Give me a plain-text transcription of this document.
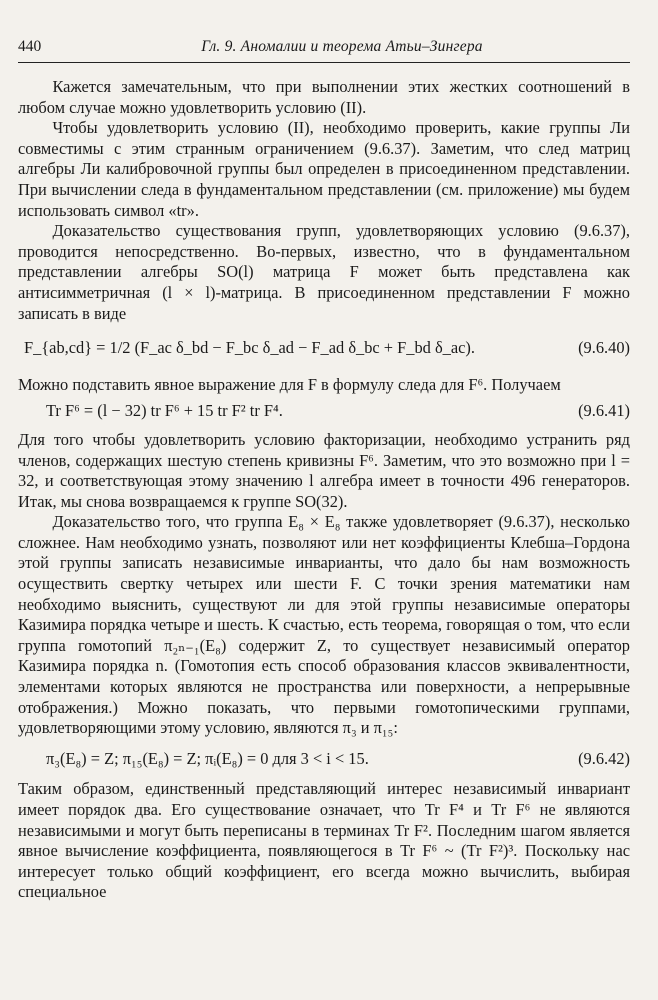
440	Гл. 9. Аномалии и теорема Атьи–Зингера

Кажется замечательным, что при выполнении этих жестких соотношений в любом случае можно удовлетворить условию (II).

Чтобы удовлетворить условию (II), необходимо проверить, какие группы Ли совместимы с этим странным ограничением (9.6.37). Заметим, что след матриц алгебры Ли калибровочной группы был определен в присоединенном представлении. При вычислении следа в фундаментальном представлении (см. приложение) мы будем использовать символ «tr».

Доказательство существования групп, удовлетворяющих условию (9.6.37), проводится непосредственно. Во-первых, известно, что в фундаментальном представлении алгебры SO(l) матрица F может быть представлена как антисимметричная (l × l)-матрица. В присоединенном представлении F можно записать в виде

F_{ab,cd} = 1/2 (F_ac δ_bd − F_bc δ_ad − F_ad δ_bc + F_bd δ_ac).	(9.6.40)

Можно подставить явное выражение для F в формулу следа для F⁶. Получаем

Tr F⁶ = (l − 32) tr F⁶ + 15 tr F² tr F⁴.	(9.6.41)

Для того чтобы удовлетворить условию факторизации, необходимо устранить ряд членов, содержащих шестую степень кривизны F⁶. Заметим, что это возможно при l = 32, и соответствующая этому значению l алгебра имеет в точности 496 генераторов. Итак, мы снова возвращаемся к группе SO(32).

Доказательство того, что группа E₈ × E₈ также удовлетворяет (9.6.37), несколько сложнее. Нам необходимо узнать, позволяют или нет коэффициенты Клебша–Гордона этой группы записать независимые инварианты, что дало бы нам возможность осуществить свертку четырех или шести F. С точки зрения математики нам необходимо выяснить, существуют ли для этой группы независимые операторы Казимира порядка четыре и шесть. К счастью, есть теорема, говорящая о том, что если группа гомотопий π₂ₙ₋₁(E₈) содержит Z, то существует независимый оператор Казимира порядка n. (Гомотопия есть способ образования классов эквивалентности, элементами которых являются не пространства или поверхности, а непрерывные отображения.) Можно показать, что первыми гомотопическими группами, удовлетворяющими этому условию, являются π₃ и π₁₅:

π₃(E₈) = Z; π₁₅(E₈) = Z; πᵢ(E₈) = 0 для 3 < i < 15.	(9.6.42)

Таким образом, единственный представляющий интерес независимый инвариант имеет порядок два. Его существование означает, что Tr F⁴ и Tr F⁶ не являются независимыми и могут быть переписаны в терминах Tr F². Последним шагом является явное вычисление коэффициента, появляющегося в Tr F⁶ ~ (Tr F²)³. Поскольку нас интересует только общий коэффициент, его всегда можно вычислить, выбирая специальное
